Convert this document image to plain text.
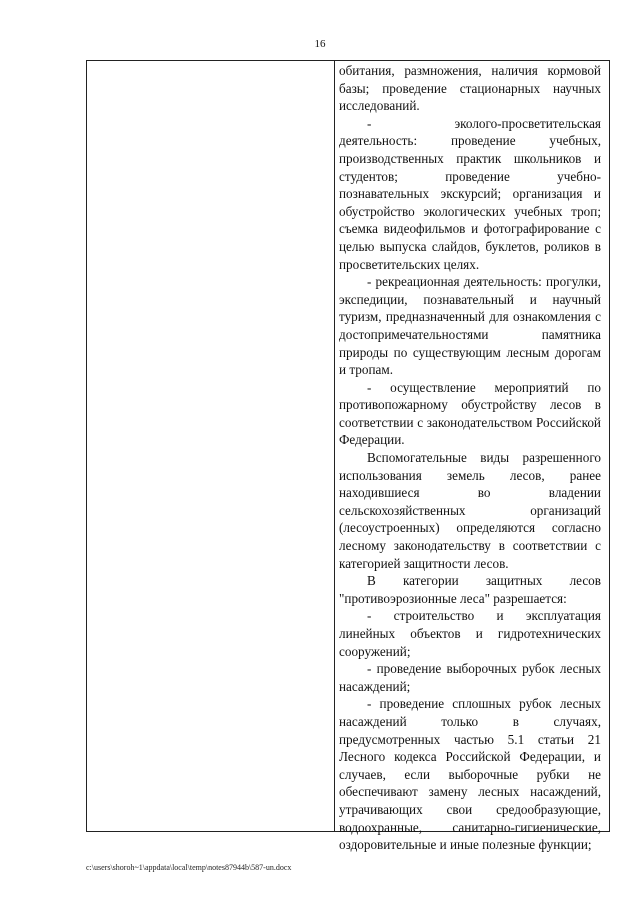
16

обитания, размножения, наличия кормовой базы; проведение стационарных научных исследований.

- эколого-просветительская деятельность: проведение учебных, производственных практик школьников и студентов; проведение учебно-познавательных экскурсий; организация и обустройство экологических учебных троп; съемка видеофильмов и фотографирование с целью выпуска слайдов, буклетов, роликов в просветительских целях.

- рекреационная деятельность: прогулки, экспедиции, познавательный и научный туризм, предназначенный для ознакомления с достопримечательностями памятника природы по существующим лесным дорогам и тропам.

- осуществление мероприятий по противопожарному обустройству лесов в соответствии с законодательством Российской Федерации.

Вспомогательные виды разрешенного использования земель лесов, ранее находившиеся во владении сельскохозяйственных организаций (лесоустроенных) определяются согласно лесному законодательству в соответствии с категорией защитности лесов.

В категории защитных лесов "противоэрозионные леса" разрешается:

- строительство и эксплуатация линейных объектов и гидротехнических сооружений;

- проведение выборочных рубок лесных насаждений;

- проведение сплошных рубок лесных насаждений только в случаях, предусмотренных частью 5.1 статьи 21 Лесного кодекса Российской Федерации, и случаев, если выборочные рубки не обеспечивают замену лесных насаждений, утрачивающих свои средообразующие, водоохранные, санитарно-гигиенические, оздоровительные и иные полезные функции;

c:\users\shoroh~1\appdata\local\temp\notes87944b\587-un.docx
